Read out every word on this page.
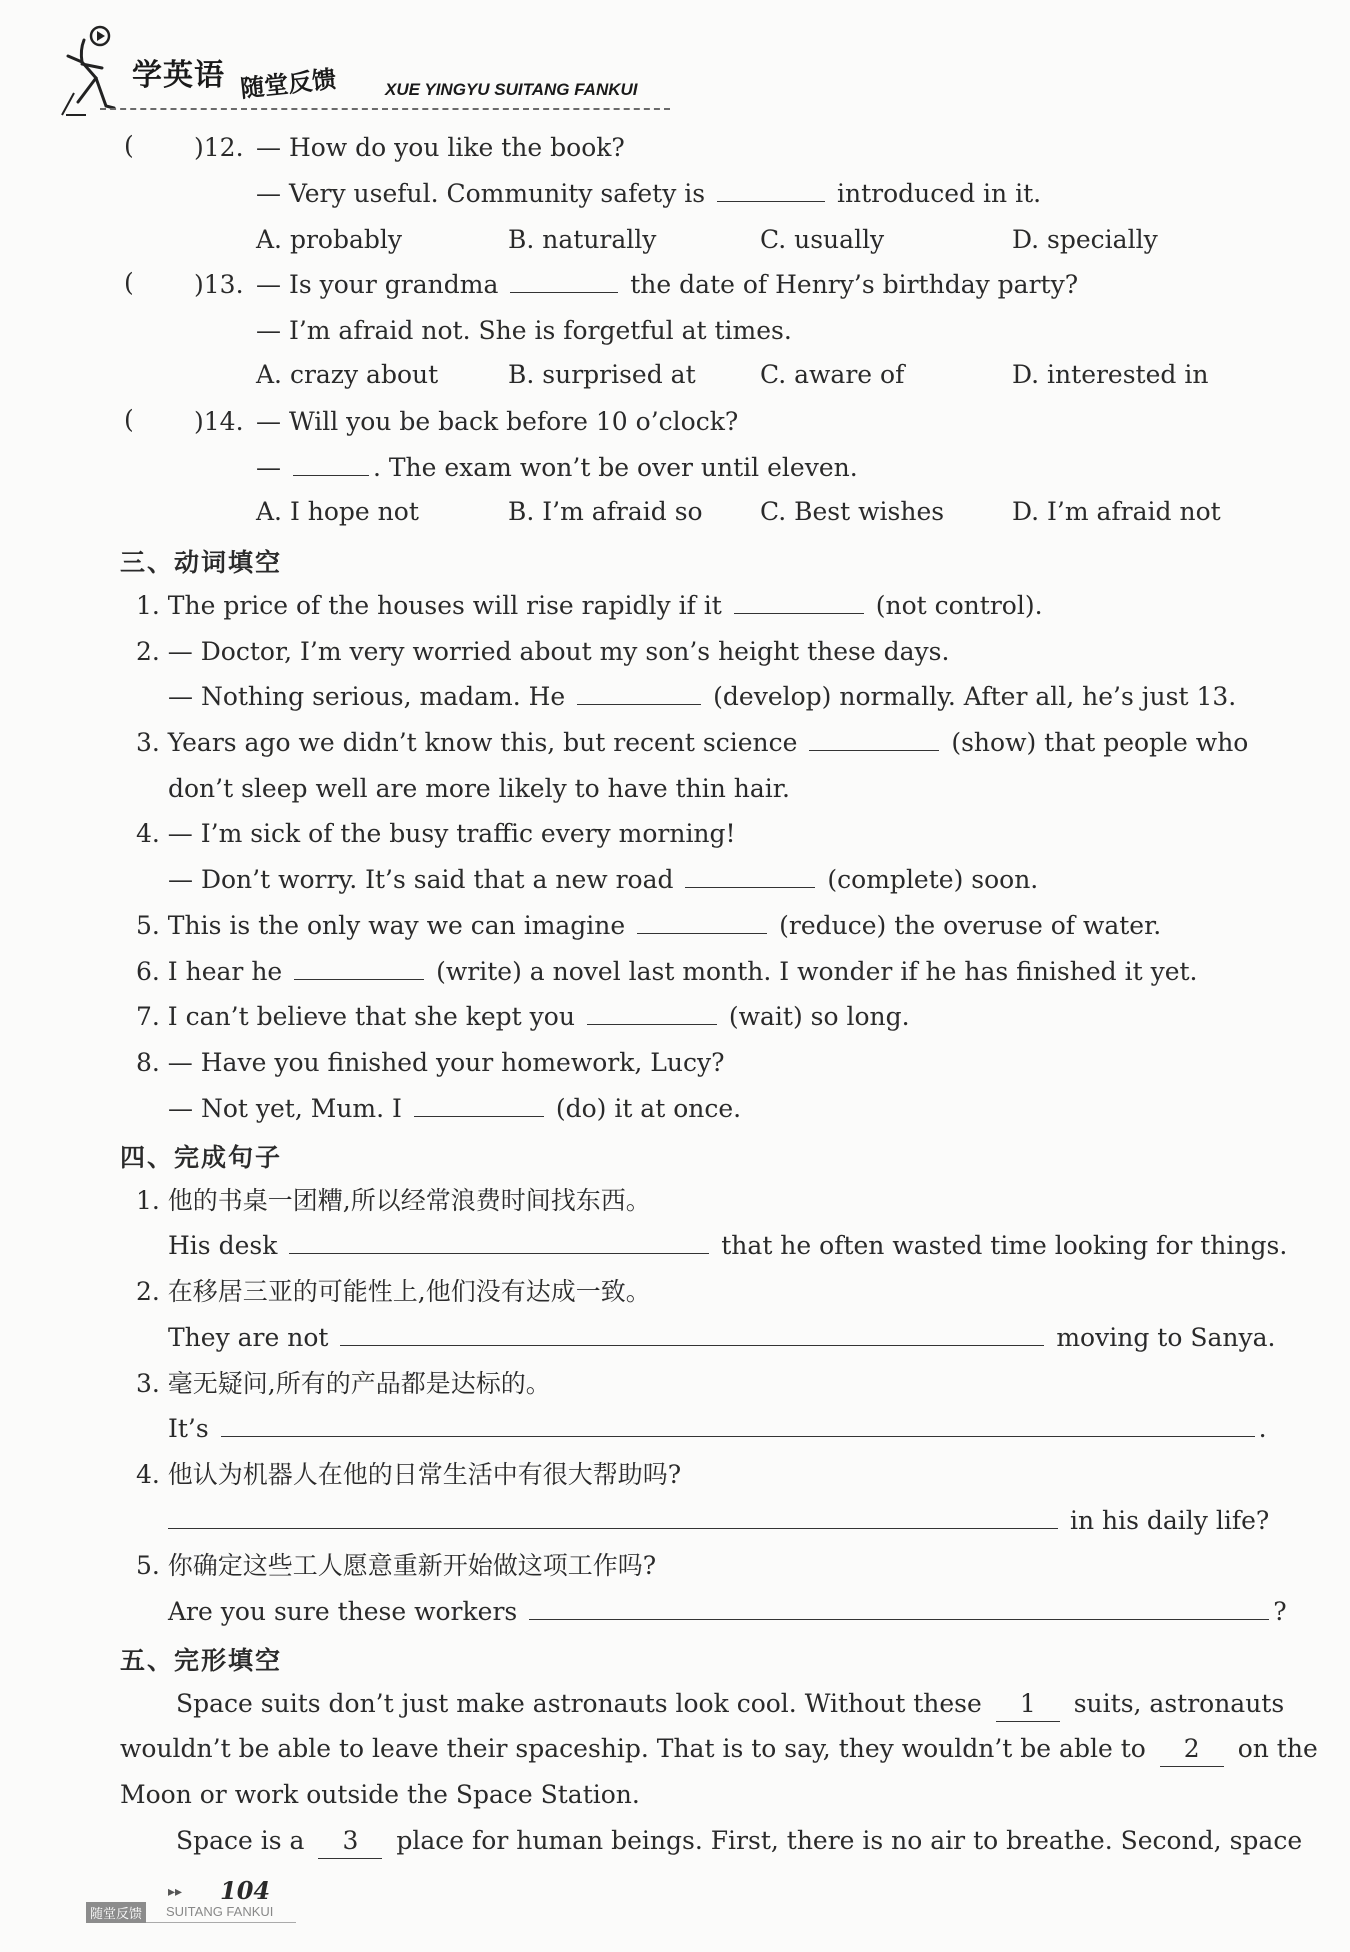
学英语 随堂反馈	XUE YINGYU SUITANG FANKUI
( )12. — How do you like the book?
— Very useful. Community safety is	introduced in it.
A. probably	B. naturally	C. usually	D. specially
( )13. — Is your grandma	the date of Henry’s birthday party?
— I’m afraid not. She is forgetful at times.
A. crazy about	B. surprised at	C. aware of	D. interested in
( )14. — Will you be back before 10 o’clock?
—	. The exam won’t be over until eleven.
A. I hope not	B. I’m afraid so C. Best wishes	D. I’m afraid not
三、动词填空
1. The price of the houses will rise rapidly if it	(not control).
2. — Doctor, I’m very worried about my son’s height these days.
— Nothing serious, madam. He	(develop) normally. After all, he’s just 13.
3. Years ago we didn’t know this, but recent science	(show) that people who
don’t sleep well are more likely to have thin hair.
4. — I’m sick of the busy traffic every morning!
— Don’t worry. It’s said that a new road	(complete) soon.
5. This is the only way we can imagine	(reduce) the overuse of water.
6. I hear he	(write) a novel last month. I wonder if he has finished it yet.
7. I can’t believe that she kept you	(wait) so long.
8. — Have you finished your homework, Lucy?
— Not yet, Mum. I	(do) it at once.
四、完成句子
1. 他的书桌一团糟,所以经常浪费时间找东西。
His desk	that he often wasted time looking for things.
2. 在移居三亚的可能性上,他们没有达成一致。
They are not	moving to Sanya.
3. 毫无疑问,所有的产品都是达标的。
It’s	.
4. 他认为机器人在他的日常生活中有很大帮助吗?
in his daily life?
5. 你确定这些工人愿意重新开始做这项工作吗?
Are you sure these workers	?
五、完形填空
Space suits don’t just make astronauts look cool. Without these 1 suits, astronauts
wouldn’t be able to leave their spaceship. That is to say, they wouldn’t be able to 2 on the
Moon or work outside the Space Station.
Space is a 3 place for human beings. First, there is no air to breathe. Second, space
▸▸ 104
随堂反馈	SUITANG FANKUI
